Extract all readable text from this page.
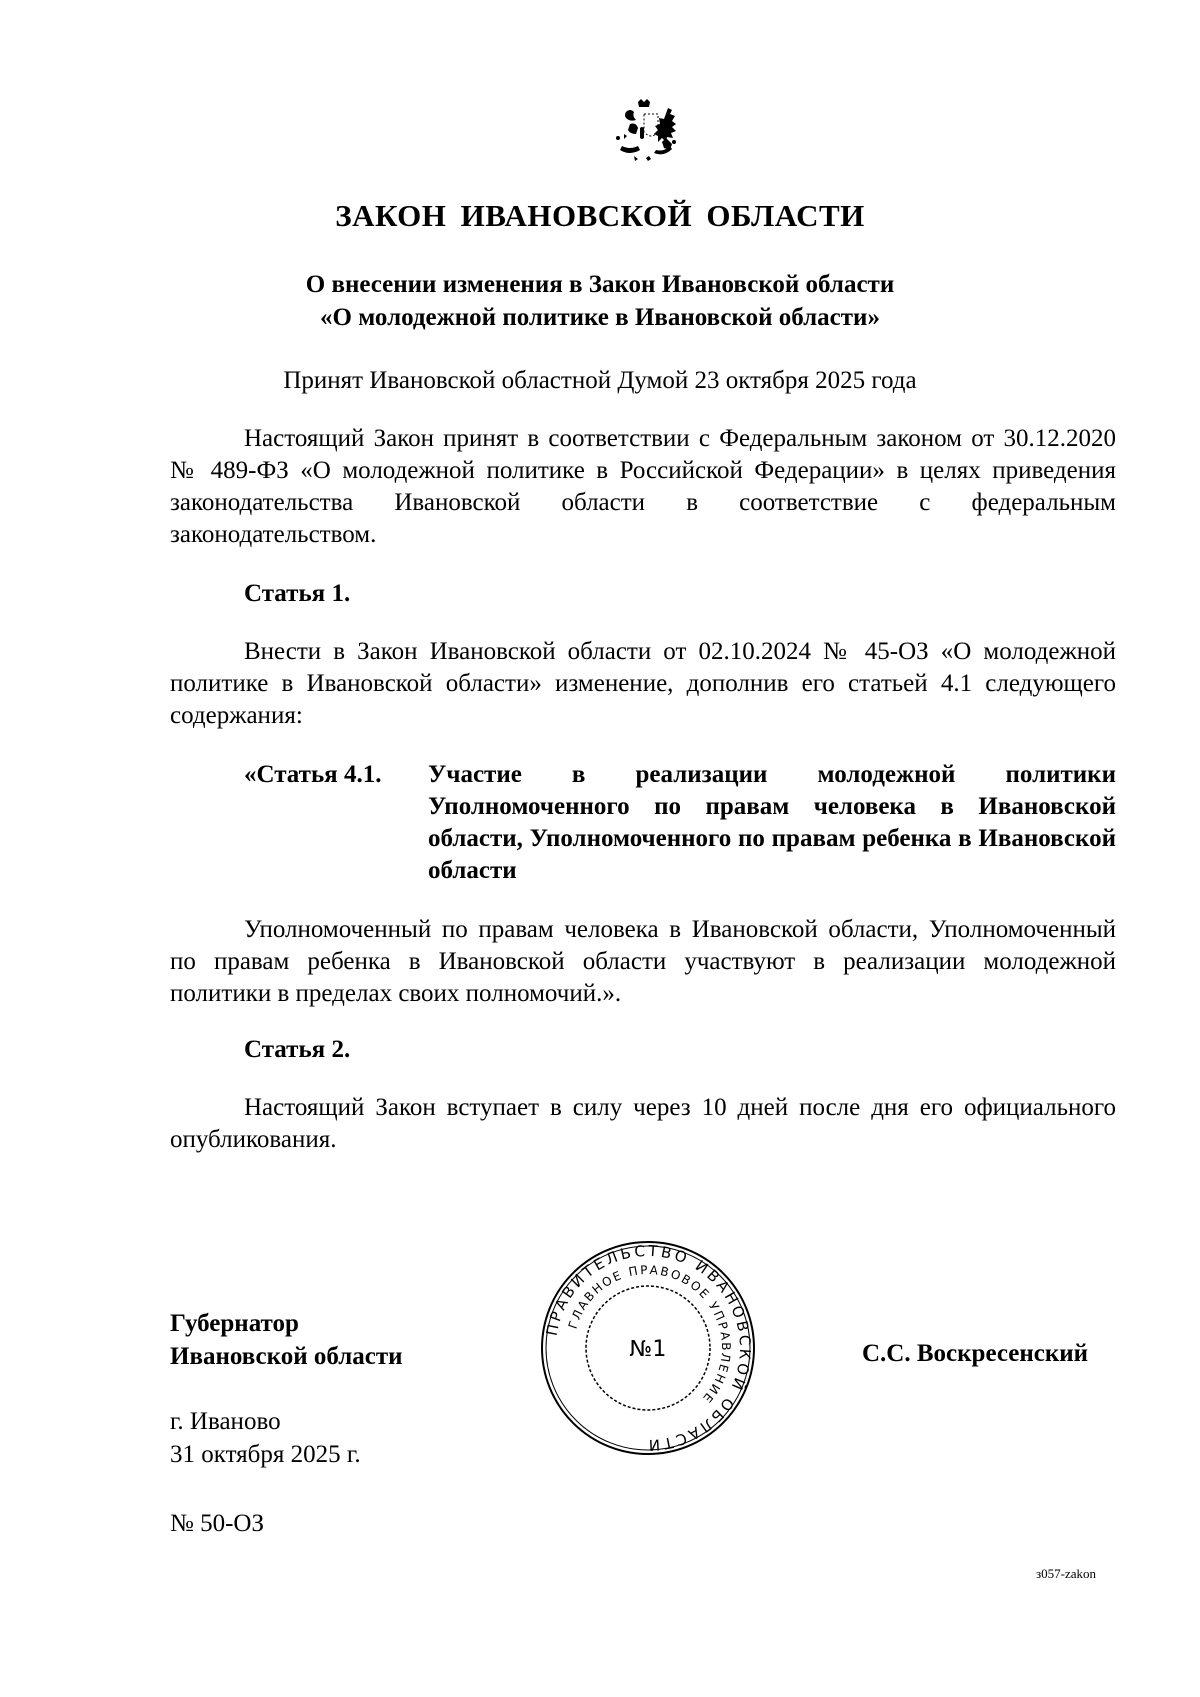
ЗАКОН ИВАНОВСКОЙ ОБЛАСТИ
О внесении изменения в Закон Ивановской области
«О молодежной политике в Ивановской области»
Принят Ивановской областной Думой 23 октября 2025 года
Настоящий Закон принят в соответствии с Федеральным законом от 30.12.2020 № 489-ФЗ «О молодежной политике в Российской Федерации» в целях приведения законодательства Ивановской области в соответствие с федеральным законодательством.
Статья 1.
Внести в Закон Ивановской области от 02.10.2024 № 45-ОЗ «О молодежной политике в Ивановской области» изменение, дополнив его статьей 4.1 следующего содержания:
«Статья 4.1. Участие в реализации молодежной политики Уполномоченного по правам человека в Ивановской области, Уполномоченного по правам ребенка в Ивановской области
Уполномоченный по правам человека в Ивановской области, Уполномоченный по правам ребенка в Ивановской области участвуют в реализации молодежной политики в пределах своих полномочий.».
Статья 2.
Настоящий Закон вступает в силу через 10 дней после дня его официального опубликования.
ПРАВИТЕЛЬСТВО ИВАНОВСКОЙ ОБЛАСТИ
ГЛАВНОЕ ПРАВОВОЕ УПРАВЛЕНИЕ
№1
Губернатор
Ивановской области	С.С. Воскресенский
г. Иваново
31 октября 2025 г.
№ 50-ОЗ
з057-zakon
